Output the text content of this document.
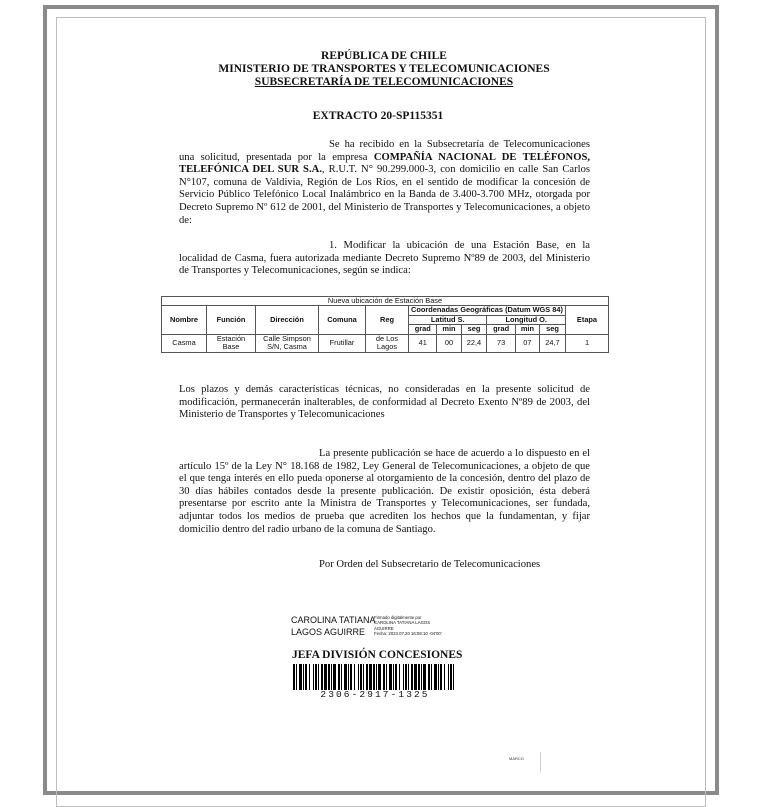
REPÚBLICA DE CHILE
MINISTERIO DE TRANSPORTES Y TELECOMUNICACIONES
SUBSECRETARÍA DE TELECOMUNICACIONES
EXTRACTO 20-SP115351
Se ha recibido en la Subsecretaría de Telecomunicaciones una solicitud, presentada por la empresa COMPAÑÍA NACIONAL DE TELÉFONOS, TELEFÓNICA DEL SUR S.A., R.U.T. N° 90.299.000-3, con domicilio en calle San Carlos N°107, comuna de Valdivia, Región de Los Ríos, en el sentido de modificar la concesión de Servicio Público Telefónico Local Inalámbrico en la Banda de 3.400-3.700 MHz, otorgada por Decreto Supremo Nº 612 de 2001, del Ministerio de Transportes y Telecomunicaciones, a objeto de:
1. Modificar la ubicación de una Estación Base, en la localidad de Casma, fuera autorizada mediante Decreto Supremo Nº89 de 2003, del Ministerio de Transportes y Telecomunicaciones, según se indica:
Nueva ubicación de Estación Base											
Nombre	Función	Dirección	Comuna	Reg	Coordenadas Geográficas (Datum WGS 84)						Etapa
					Latitud S.			Longitud O.			
					grad	min	seg	grad	min	seg	
Casma	Estación Base	Calle Simpson S/N, Casma	Frutillar	de Los Lagos	41	00	22,4	73	07	24,7	1
Los plazos y demás características técnicas, no consideradas en la presente solicitud de modificación, permanecerán inalterables, de conformidad al Decreto Exento Nº89 de 2003, del Ministerio de Transportes y Telecomunicaciones
La presente publicación se hace de acuerdo a lo dispuesto en el artículo 15º de la Ley N° 18.168 de 1982, Ley General de Telecomunicaciones, a objeto de que el que tenga interés en ello pueda oponerse al otorgamiento de la concesión, dentro del plazo de 30 días hábiles contados desde la presente publicación. De existir oposición, ésta deberá presentarse por escrito ante la Ministra de Transportes y Telecomunicaciones, ser fundada, adjuntar todos los medios de prueba que acrediten los hechos que la fundamentan, y fijar domicilio dentro del radio urbano de la comuna de Santiago.
Por Orden del Subsecretario de Telecomunicaciones
CAROLINA TATIANA
LAGOS AGUIRRE
Firmado digitalmente por
CAROLINA TATIANA LAGOS
AGUIRRE
Fecha: 2023.07.20 16:59:10 -04'00'
JEFA DIVISIÓN CONCESIONES
2306-2917-1325
MARCO
